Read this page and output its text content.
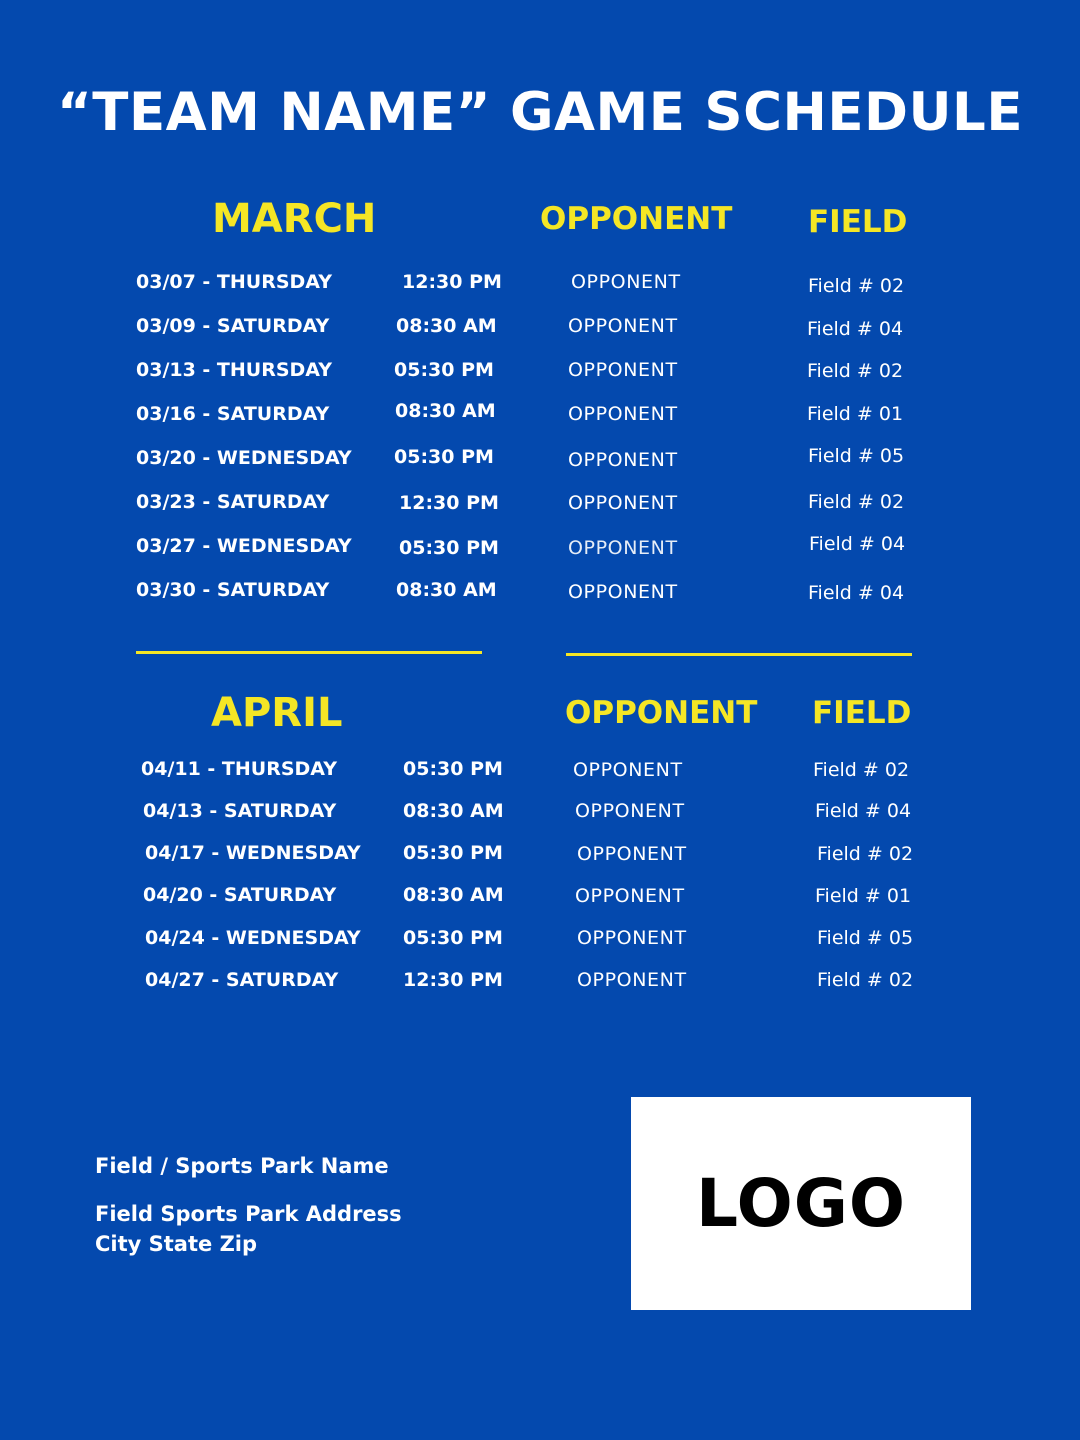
“TEAM NAME” GAME SCHEDULE
MARCH	OPPONENT FIELD
03/07 - THURSDAY	12:30 PM	OPPONENT	Field # 02
03/09 - SATURDAY	08:30 AM	OPPONENT	Field # 04
03/13 - THURSDAY	05:30 PM	OPPONENT	Field # 02
03/16 - SATURDAY	08:30 AM	OPPONENT	Field # 01
03/20 - WEDNESDAY 05:30 PM	OPPONENT	Field # 05
03/23 - SATURDAY	12:30 PM	OPPONENT	Field # 02
03/27 - WEDNESDAY 05:30 PM	OPPONENT	Field # 04
03/30 - SATURDAY	08:30 AM	OPPONENT	Field # 04
APRIL	OPPONENT FIELD
04/11 - THURSDAY	05:30 PM	OPPONENT	Field # 02
04/13 - SATURDAY	08:30 AM	OPPONENT	Field # 04
04/17 - WEDNESDAY 05:30 PM	OPPONENT	Field # 02
04/20 - SATURDAY	08:30 AM	OPPONENT	Field # 01
04/24 - WEDNESDAY 05:30 PM	OPPONENT	Field # 05
04/27 - SATURDAY	12:30 PM	OPPONENT	Field # 02
Field / Sports Park Name
Field Sports Park Address
City State Zip
LOGO
